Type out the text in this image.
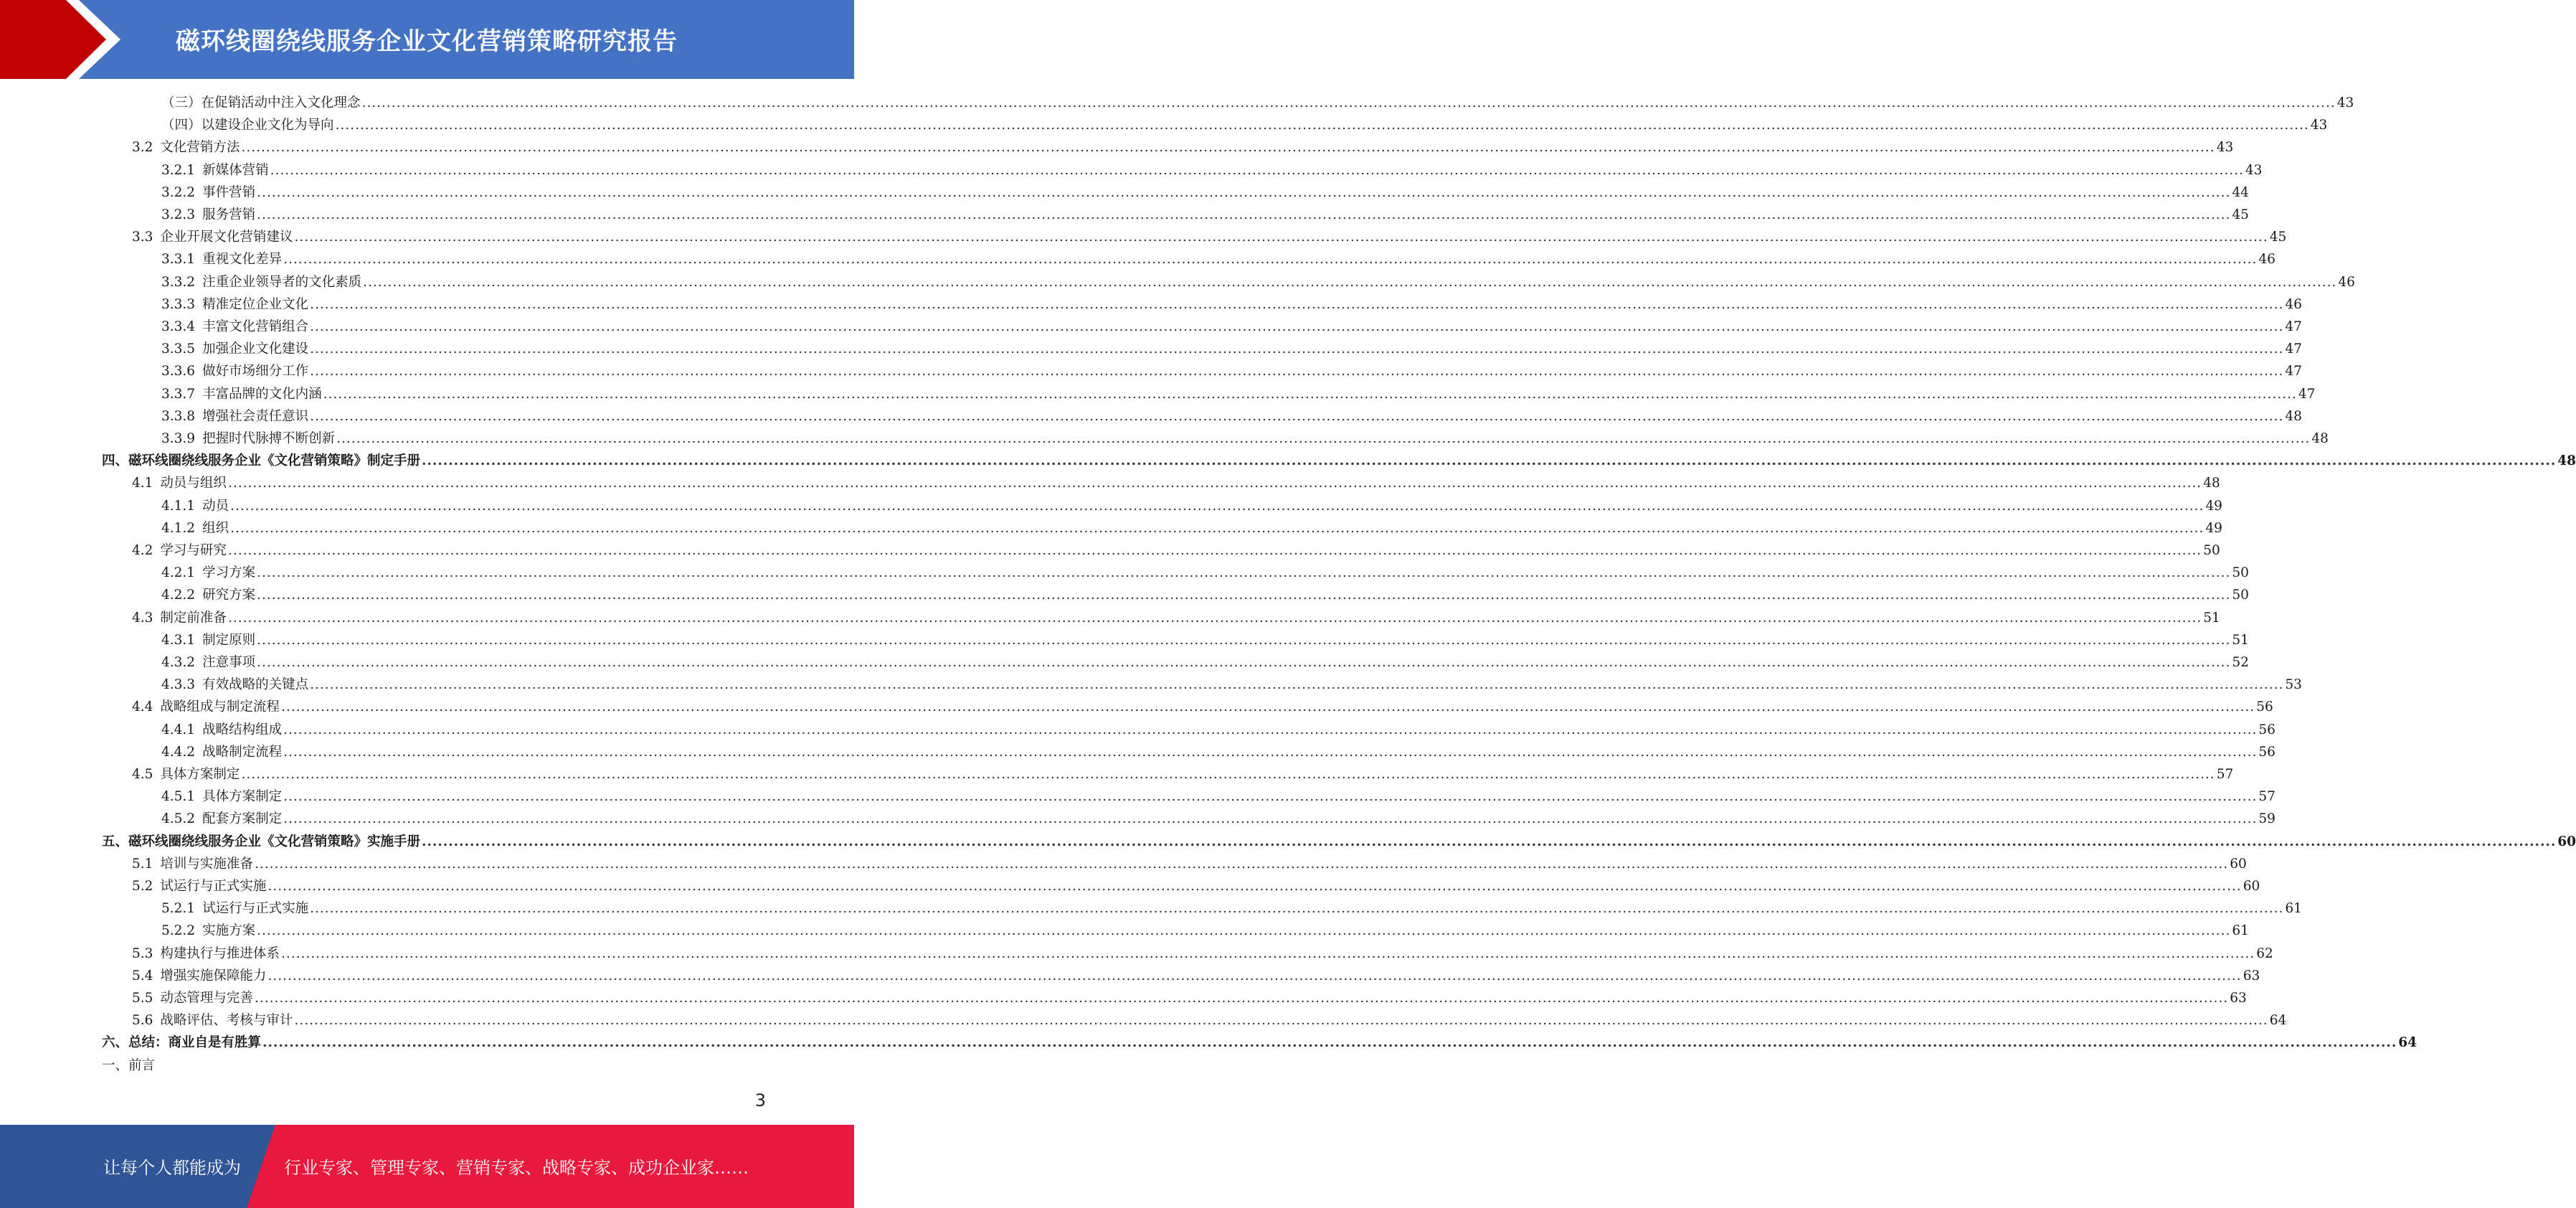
磁环线圈绕线服务企业文化营销策略研究报告
（三）在促销活动中注入文化理念 ................................................................................................................................................................................................................................................................................................................................................................................................................ 43
（四）以建设企业文化为导向 ................................................................................................................................................................................................................................................................................................................................................................................................................ 43
3.2 文化营销方法 ................................................................................................................................................................................................................................................................................................................................................................................................................ 43
3.2.1 新媒体营销 ................................................................................................................................................................................................................................................................................................................................................................................................................ 43
3.2.2 事件营销 ................................................................................................................................................................................................................................................................................................................................................................................................................ 44
3.2.3 服务营销 ................................................................................................................................................................................................................................................................................................................................................................................................................ 45
3.3 企业开展文化营销建议 ................................................................................................................................................................................................................................................................................................................................................................................................................ 45
3.3.1 重视文化差异 ................................................................................................................................................................................................................................................................................................................................................................................................................ 46
3.3.2 注重企业领导者的文化素质 ................................................................................................................................................................................................................................................................................................................................................................................................................ 46
3.3.3 精准定位企业文化 ................................................................................................................................................................................................................................................................................................................................................................................................................ 46
3.3.4 丰富文化营销组合 ................................................................................................................................................................................................................................................................................................................................................................................................................ 47
3.3.5 加强企业文化建设 ................................................................................................................................................................................................................................................................................................................................................................................................................ 47
3.3.6 做好市场细分工作 ................................................................................................................................................................................................................................................................................................................................................................................................................ 47
3.3.7 丰富品牌的文化内涵 ................................................................................................................................................................................................................................................................................................................................................................................................................ 47
3.3.8 增强社会责任意识 ................................................................................................................................................................................................................................................................................................................................................................................................................ 48
3.3.9 把握时代脉搏不断创新 ................................................................................................................................................................................................................................................................................................................................................................................................................ 48
四、磁环线圈绕线服务企业《文化营销策略》制定手册 ................................................................................................................................................................................................................................................................................................................................................................................................................ 48
4.1 动员与组织 ................................................................................................................................................................................................................................................................................................................................................................................................................ 48
4.1.1 动员 ................................................................................................................................................................................................................................................................................................................................................................................................................ 49
4.1.2 组织 ................................................................................................................................................................................................................................................................................................................................................................................................................ 49
4.2 学习与研究 ................................................................................................................................................................................................................................................................................................................................................................................................................ 50
4.2.1 学习方案 ................................................................................................................................................................................................................................................................................................................................................................................................................ 50
4.2.2 研究方案 ................................................................................................................................................................................................................................................................................................................................................................................................................ 50
4.3 制定前准备 ................................................................................................................................................................................................................................................................................................................................................................................................................ 51
4.3.1 制定原则 ................................................................................................................................................................................................................................................................................................................................................................................................................ 51
4.3.2 注意事项 ................................................................................................................................................................................................................................................................................................................................................................................................................ 52
4.3.3 有效战略的关键点 ................................................................................................................................................................................................................................................................................................................................................................................................................ 53
4.4 战略组成与制定流程 ................................................................................................................................................................................................................................................................................................................................................................................................................ 56
4.4.1 战略结构组成 ................................................................................................................................................................................................................................................................................................................................................................................................................ 56
4.4.2 战略制定流程 ................................................................................................................................................................................................................................................................................................................................................................................................................ 56
4.5 具体方案制定 ................................................................................................................................................................................................................................................................................................................................................................................................................ 57
4.5.1 具体方案制定 ................................................................................................................................................................................................................................................................................................................................................................................................................ 57
4.5.2 配套方案制定 ................................................................................................................................................................................................................................................................................................................................................................................................................ 59
五、磁环线圈绕线服务企业《文化营销策略》实施手册 ................................................................................................................................................................................................................................................................................................................................................................................................................ 60
5.1 培训与实施准备 ................................................................................................................................................................................................................................................................................................................................................................................................................ 60
5.2 试运行与正式实施 ................................................................................................................................................................................................................................................................................................................................................................................................................ 60
5.2.1 试运行与正式实施 ................................................................................................................................................................................................................................................................................................................................................................................................................ 61
5.2.2 实施方案 ................................................................................................................................................................................................................................................................................................................................................................................................................ 61
5.3 构建执行与推进体系 ................................................................................................................................................................................................................................................................................................................................................................................................................ 62
5.4 增强实施保障能力 ................................................................................................................................................................................................................................................................................................................................................................................................................ 63
5.5 动态管理与完善 ................................................................................................................................................................................................................................................................................................................................................................................................................ 63
5.6 战略评估、考核与审计 ................................................................................................................................................................................................................................................................................................................................................................................................................ 64
六、总结：商业自是有胜算 ................................................................................................................................................................................................................................................................................................................................................................................................................ 64
一、前言
3
让每个人都能成为	行业专家、管理专家、营销专家、战略专家、成功企业家……
